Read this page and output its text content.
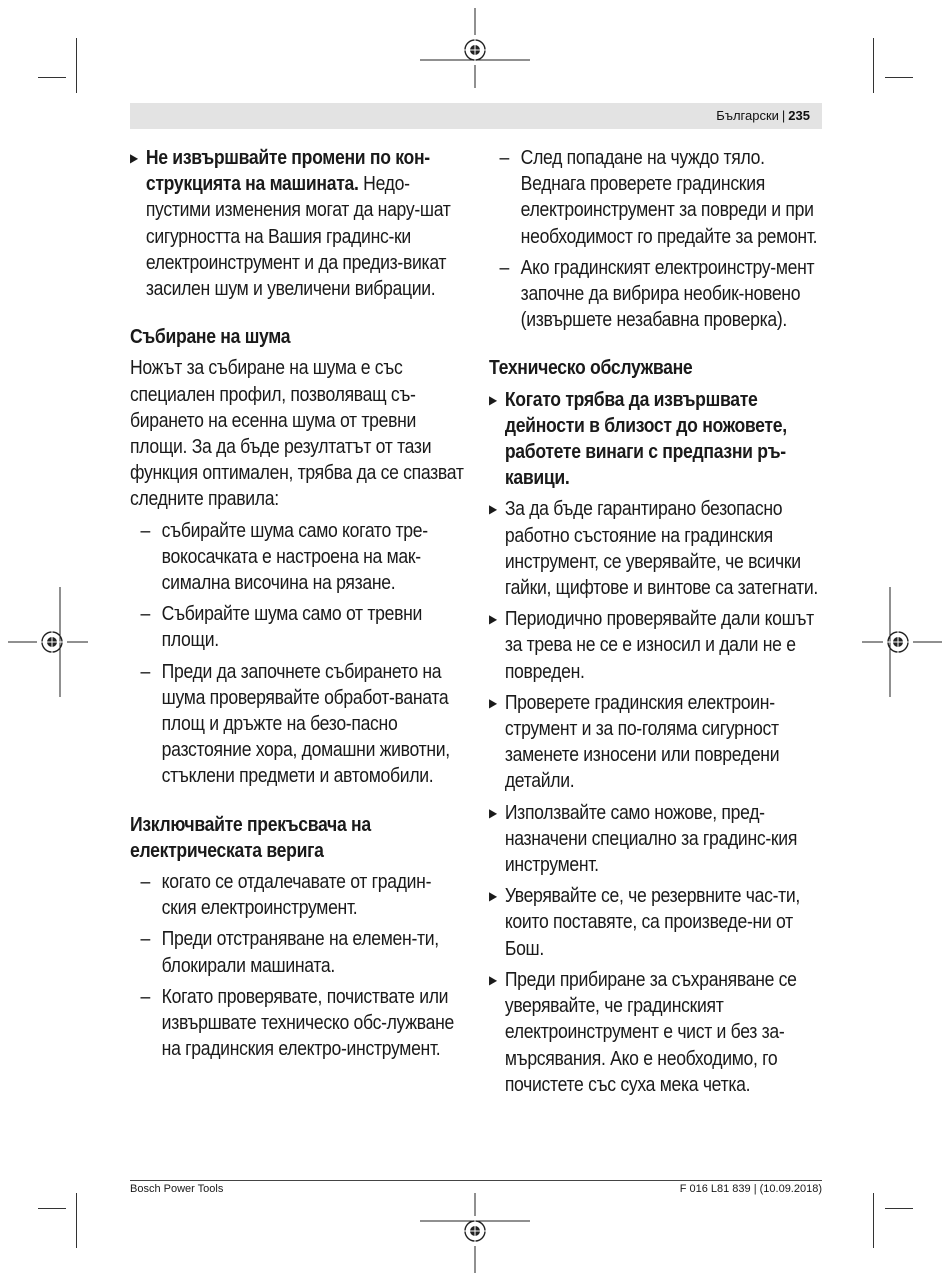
Български | 235

▶ Не извършвайте промени по кон-струкцията на машината. Недо-пустими изменения могат да нару-шат сигурността на Вашия градинс-ки електроинструмент и да предиз-викат засилен шум и увеличени вибрации.

Събиране на шума

Ножът за събиране на шума е със специален профил, позволяващ съ-бирането на есенна шума от тревни площи. За да бъде резултатът от тази функция оптимален, трябва да се спазват следните правила:

– събирайте шума само когато тре-вокосачката е настроена на мак-симална височина на рязане.

– Събирайте шума само от тревни площи.

– Преди да започнете събирането на шума проверявайте обработ-ваната площ и дръжте на безо-пасно разстояние хора, домашни животни, стъклени предмети и автомобили.

Изключвайте прекъсвача на електрическата верига

– когато се отдалечавате от градин-ския електроинструмент.

– Преди отстраняване на елемен-ти, блокирали машината.

– Когато проверявате, почиствате или извършвате техническо обс-лужване на градинския електро-инструмент.

– След попадане на чуждо тяло. Веднага проверете градинския електроинструмент за повреди и при необходимост го предайте за ремонт.

– Ако градинският електроинстру-мент започне да вибрира необик-новено (извършете незабавна проверка).

Техническо обслужване

▶ Когато трябва да извършвате дейности в близост до ножовете, работете винаги с предпазни ръ-кавици.

▶ За да бъде гарантирано безопасно работно състояние на градинския инструмент, се уверявайте, че всички гайки, щифтове и винтове са затегнати.

▶ Периодично проверявайте дали кошът за трева не се е износил и дали не е повреден.

▶ Проверете градинския електроин-струмент и за по-голяма сигурност заменете износени или повредени детайли.

▶ Използвайте само ножове, пред-назначени специално за градинс-кия инструмент.

▶ Уверявайте се, че резервните час-ти, които поставяте, са произведе-ни от Бош.

▶ Преди прибиране за съхраняване се уверявайте, че градинският електроинструмент е чист и без за-мърсявания. Ако е необходимо, го почистете със суха мека четка.

Bosch Power Tools	F 016 L81 839 | (10.09.2018)
